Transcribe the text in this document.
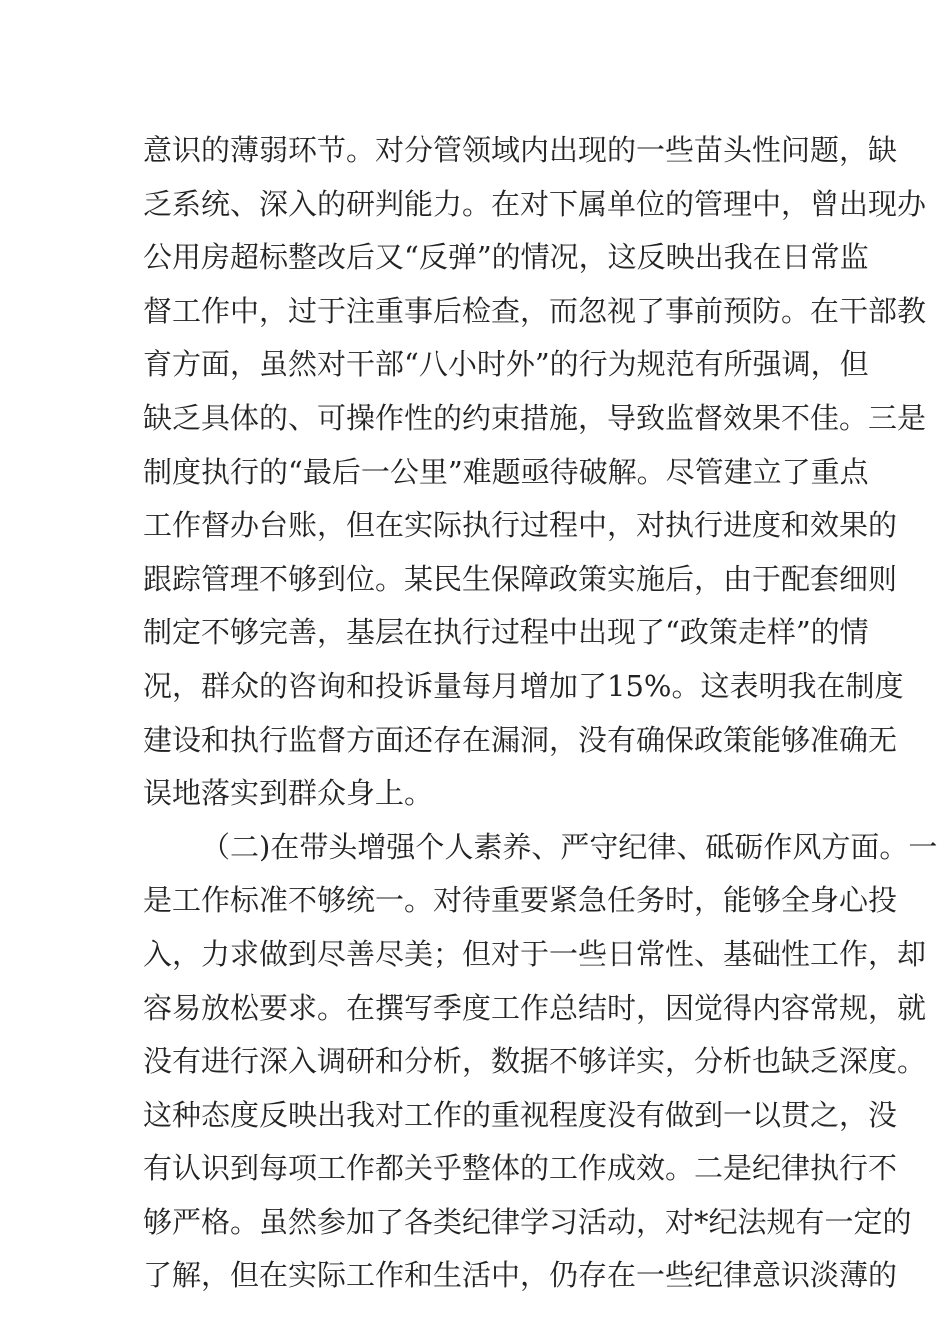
意识的薄弱环节。对分管领域内出现的一些苗头性问题，缺
乏系统、深入的研判能力。在对下属单位的管理中，曾出现办
公用房超标整改后又“反弹”的情况，这反映出我在日常监
督工作中，过于注重事后检查，而忽视了事前预防。在干部教
育方面，虽然对干部“八小时外”的行为规范有所强调，但
缺乏具体的、可操作性的约束措施，导致监督效果不佳。三是
制度执行的“最后一公里”难题亟待破解。尽管建立了重点
工作督办台账，但在实际执行过程中，对执行进度和效果的
跟踪管理不够到位。某民生保障政策实施后，由于配套细则
制定不够完善，基层在执行过程中出现了“政策走样”的情
况，群众的咨询和投诉量每月增加了15%。这表明我在制度
建设和执行监督方面还存在漏洞，没有确保政策能够准确无
误地落实到群众身上。
（二)在带头增强个人素养、严守纪律、砥砺作风方面。一
是工作标准不够统一。对待重要紧急任务时，能够全身心投
入，力求做到尽善尽美；但对于一些日常性、基础性工作，却
容易放松要求。在撰写季度工作总结时，因觉得内容常规，就
没有进行深入调研和分析，数据不够详实，分析也缺乏深度。
这种态度反映出我对工作的重视程度没有做到一以贯之，没
有认识到每项工作都关乎整体的工作成效。二是纪律执行不
够严格。虽然参加了各类纪律学习活动，对*纪法规有一定的
了解，但在实际工作和生活中，仍存在一些纪律意识淡薄的
